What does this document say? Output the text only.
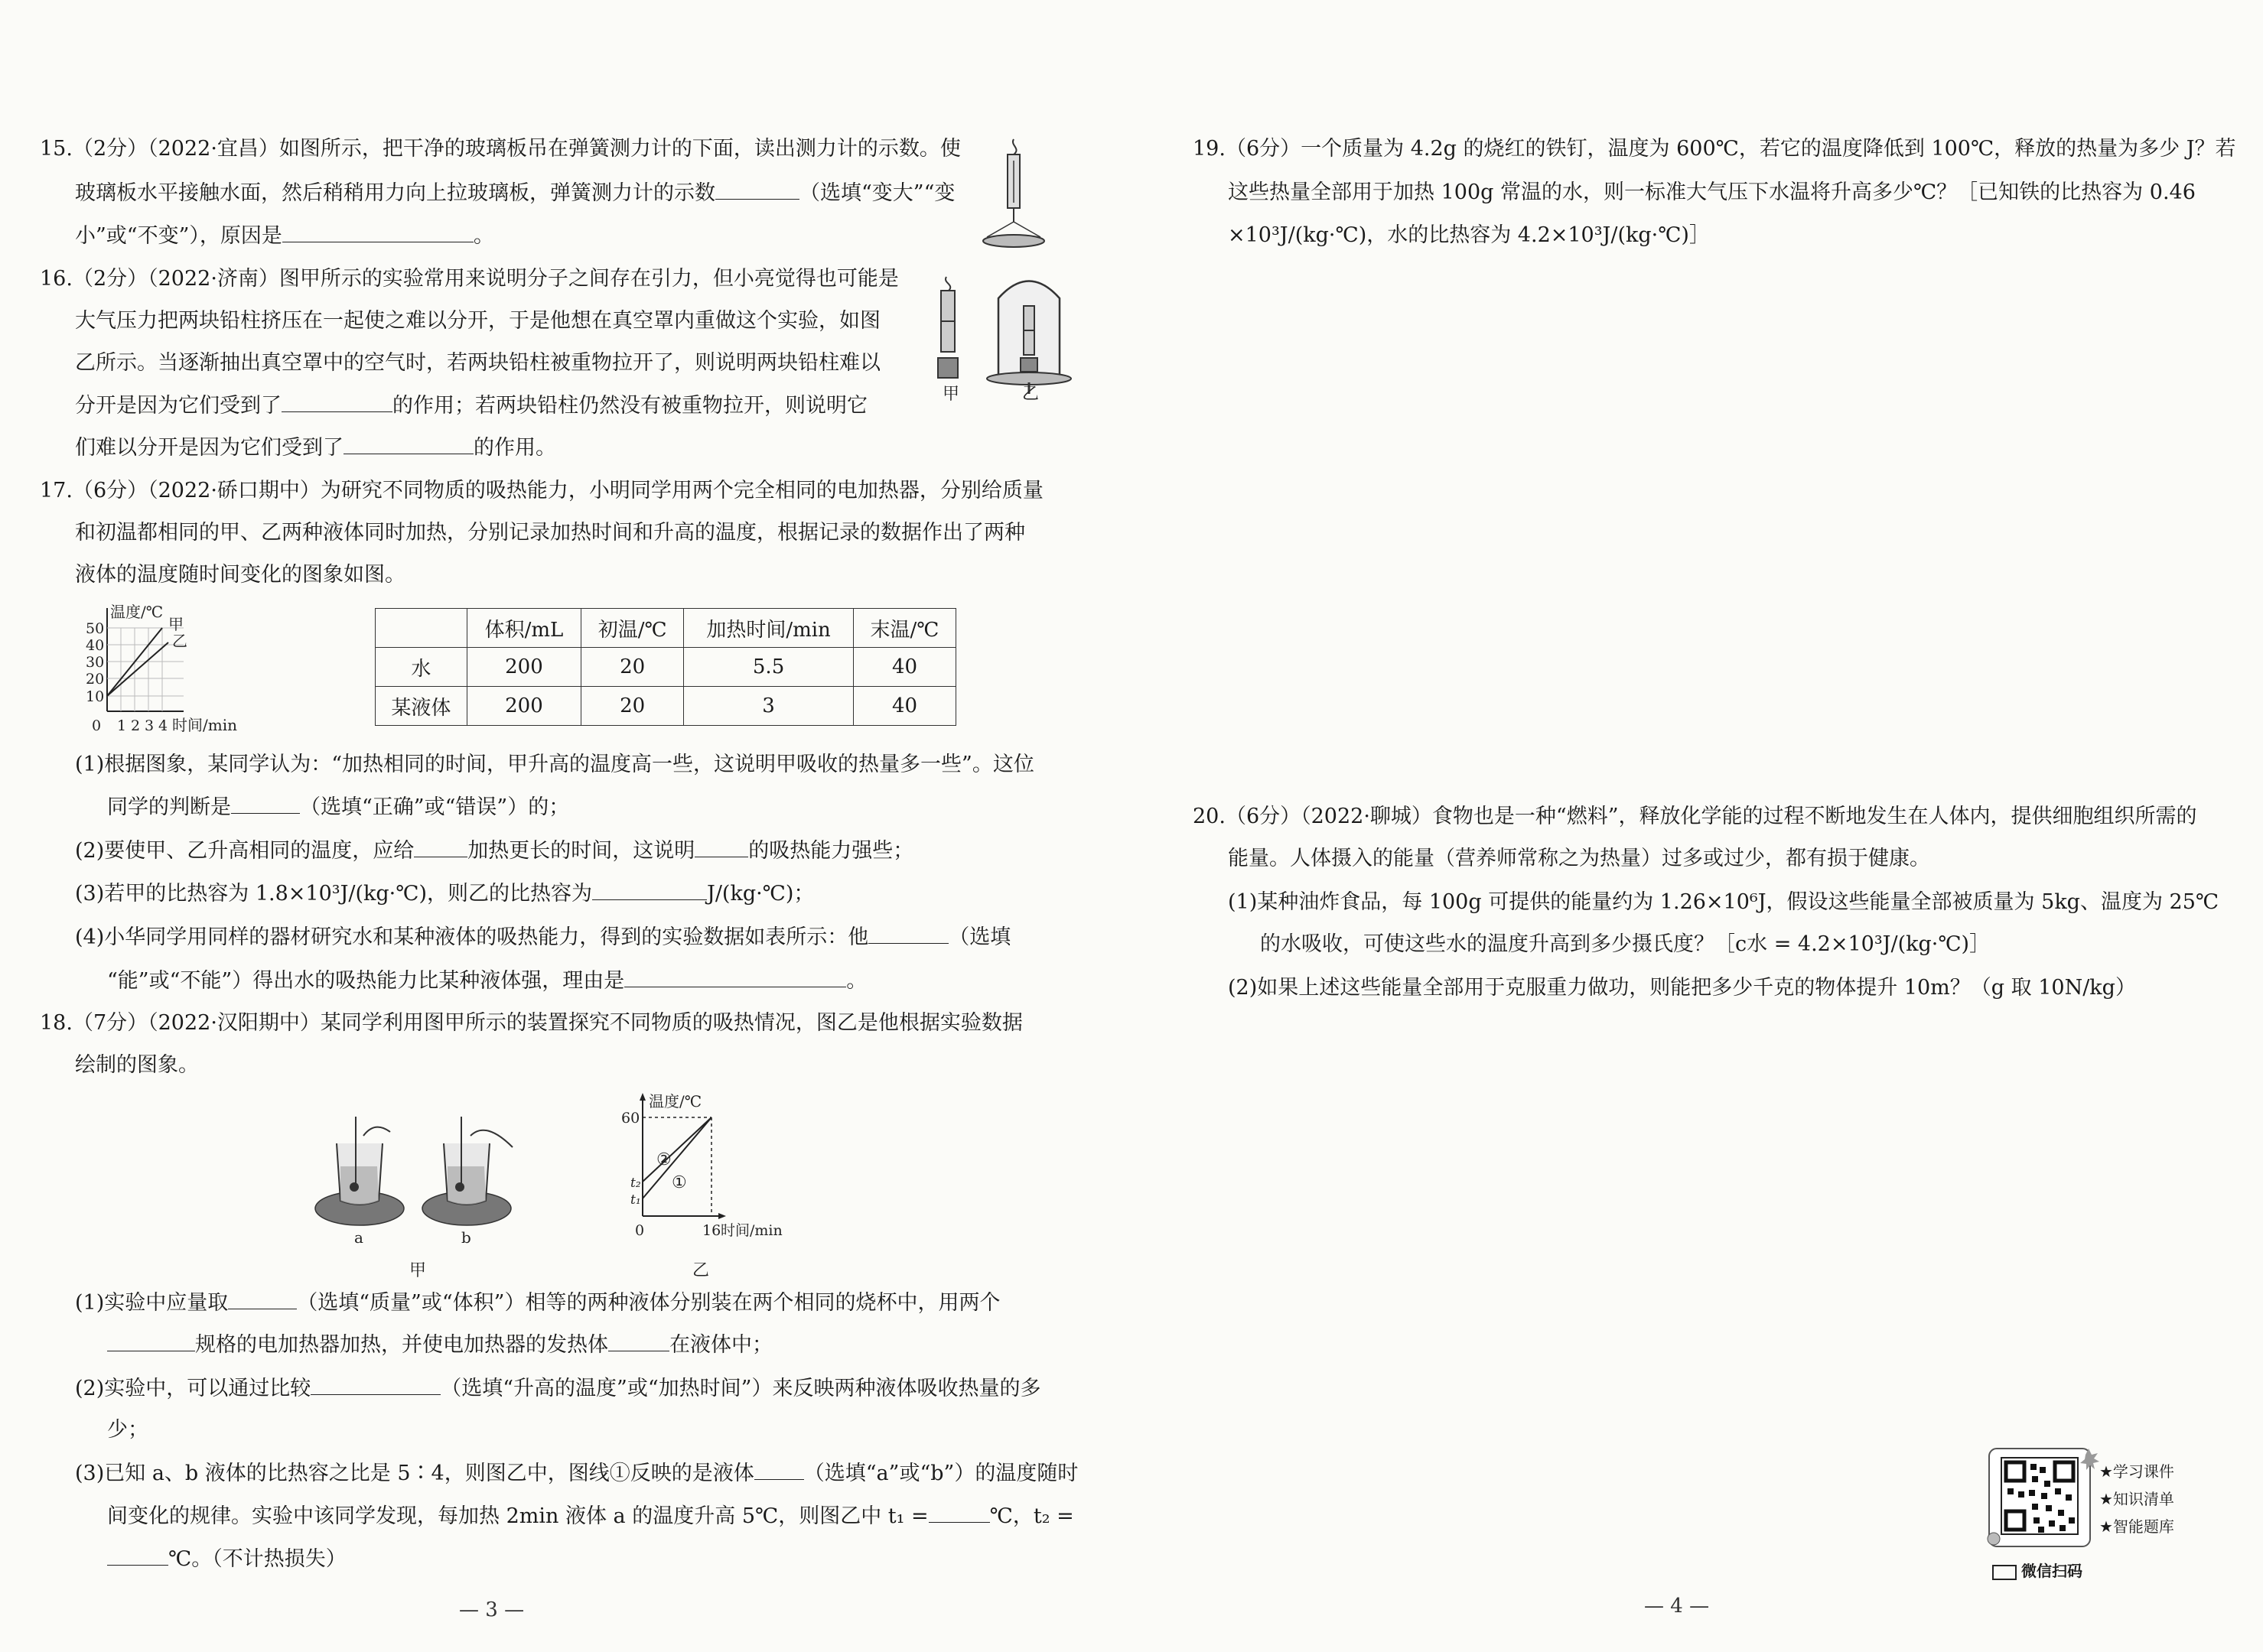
15.（2分）（2022·宜昌）如图所示，把干净的玻璃板吊在弹簧测力计的下面，读出测力计的示数。使
玻璃板水平接触水面，然后稍稍用力向上拉玻璃板，弹簧测力计的示数	（选填“变大”“变
小”或“不变”），原因是	。
16.（2分）（2022·济南）图甲所示的实验常用来说明分子之间存在引力，但小亮觉得也可能是
大气压力把两块铅柱挤压在一起使之难以分开，于是他想在真空罩内重做这个实验，如图
乙所示。当逐渐抽出真空罩中的空气时，若两块铅柱被重物拉开了，则说明两块铅柱难以
分开是因为它们受到了	的作用；若两块铅柱仍然没有被重物拉开，则说明它
们难以分开是因为它们受到了	的作用。
甲	乙
17.（6分）（2022·硚口期中）为研究不同物质的吸热能力，小明同学用两个完全相同的电加热器，分别给质量
和初温都相同的甲、乙两种液体同时加热，分别记录加热时间和升高的温度，根据记录的数据作出了两种
液体的温度随时间变化的图象如图。
温度/℃
甲
乙
10
20
30
40
50
0 1 2 3 4 时间/min
	体积/mL	初温/℃	加热时间/min	末温/℃
水	200	20	5.5	40
某液体	200	20	3	40
(1)根据图象，某同学认为：“加热相同的时间，甲升高的温度高一些，这说明甲吸收的热量多一些”。这位
同学的判断是	（选填“正确”或“错误”）的；
(2)要使甲、乙升高相同的温度，应给	加热更长的时间，这说明	的吸热能力强些；
(3)若甲的比热容为 1.8×10³J/(kg·℃)，则乙的比热容为	J/(kg·℃)；
(4)小华同学用同样的器材研究水和某种液体的吸热能力，得到的实验数据如表所示：他	（选填
“能”或“不能”）得出水的吸热能力比某种液体强，理由是	。
18.（7分）（2022·汉阳期中）某同学利用图甲所示的装置探究不同物质的吸热情况，图乙是他根据实验数据
绘制的图象。
a	b
甲
温度/℃
60
t₂
t₁
②
①
0	16 时间/min
乙
(1)实验中应量取	（选填“质量”或“体积”）相等的两种液体分别装在两个相同的烧杯中，用两个
规格的电加热器加热，并使电加热器的发热体	在液体中；
(2)实验中，可以通过比较	（选填“升高的温度”或“加热时间”）来反映两种液体吸收热量的多
少；
(3)已知 a、b 液体的比热容之比是 5∶4，则图乙中，图线①反映的是液体 （选填“a”或“b”）的温度随时
间变化的规律。实验中该同学发现，每加热 2min 液体 a 的温度升高 5℃，则图乙中 t₁ =	℃，t₂ =
℃。（不计热损失）
— 3 —
19.（6分）一个质量为 4.2g 的烧红的铁钉，温度为 600℃，若它的温度降低到 100℃，释放的热量为多少 J？若
这些热量全部用于加热 100g 常温的水，则一标准大气压下水温将升高多少℃？［已知铁的比热容为 0.46
×10³J/(kg·℃)，水的比热容为 4.2×10³J/(kg·℃)］
20.（6分）（2022·聊城）食物也是一种“燃料”，释放化学能的过程不断地发生在人体内，提供细胞组织所需的
能量。人体摄入的能量（营养师常称之为热量）过多或过少，都有损于健康。
(1)某种油炸食品，每 100g 可提供的能量约为 1.26×10⁶J，假设这些能量全部被质量为 5kg、温度为 25℃
的水吸收，可使这些水的温度升高到多少摄氏度？［c水 = 4.2×10³J/(kg·℃)］
(2)如果上述这些能量全部用于克服重力做功，则能把多少千克的物体提升 10m？（g 取 10N/kg）
★学习课件
★知识清单
★智能题库
微信扫码
— 4 —
